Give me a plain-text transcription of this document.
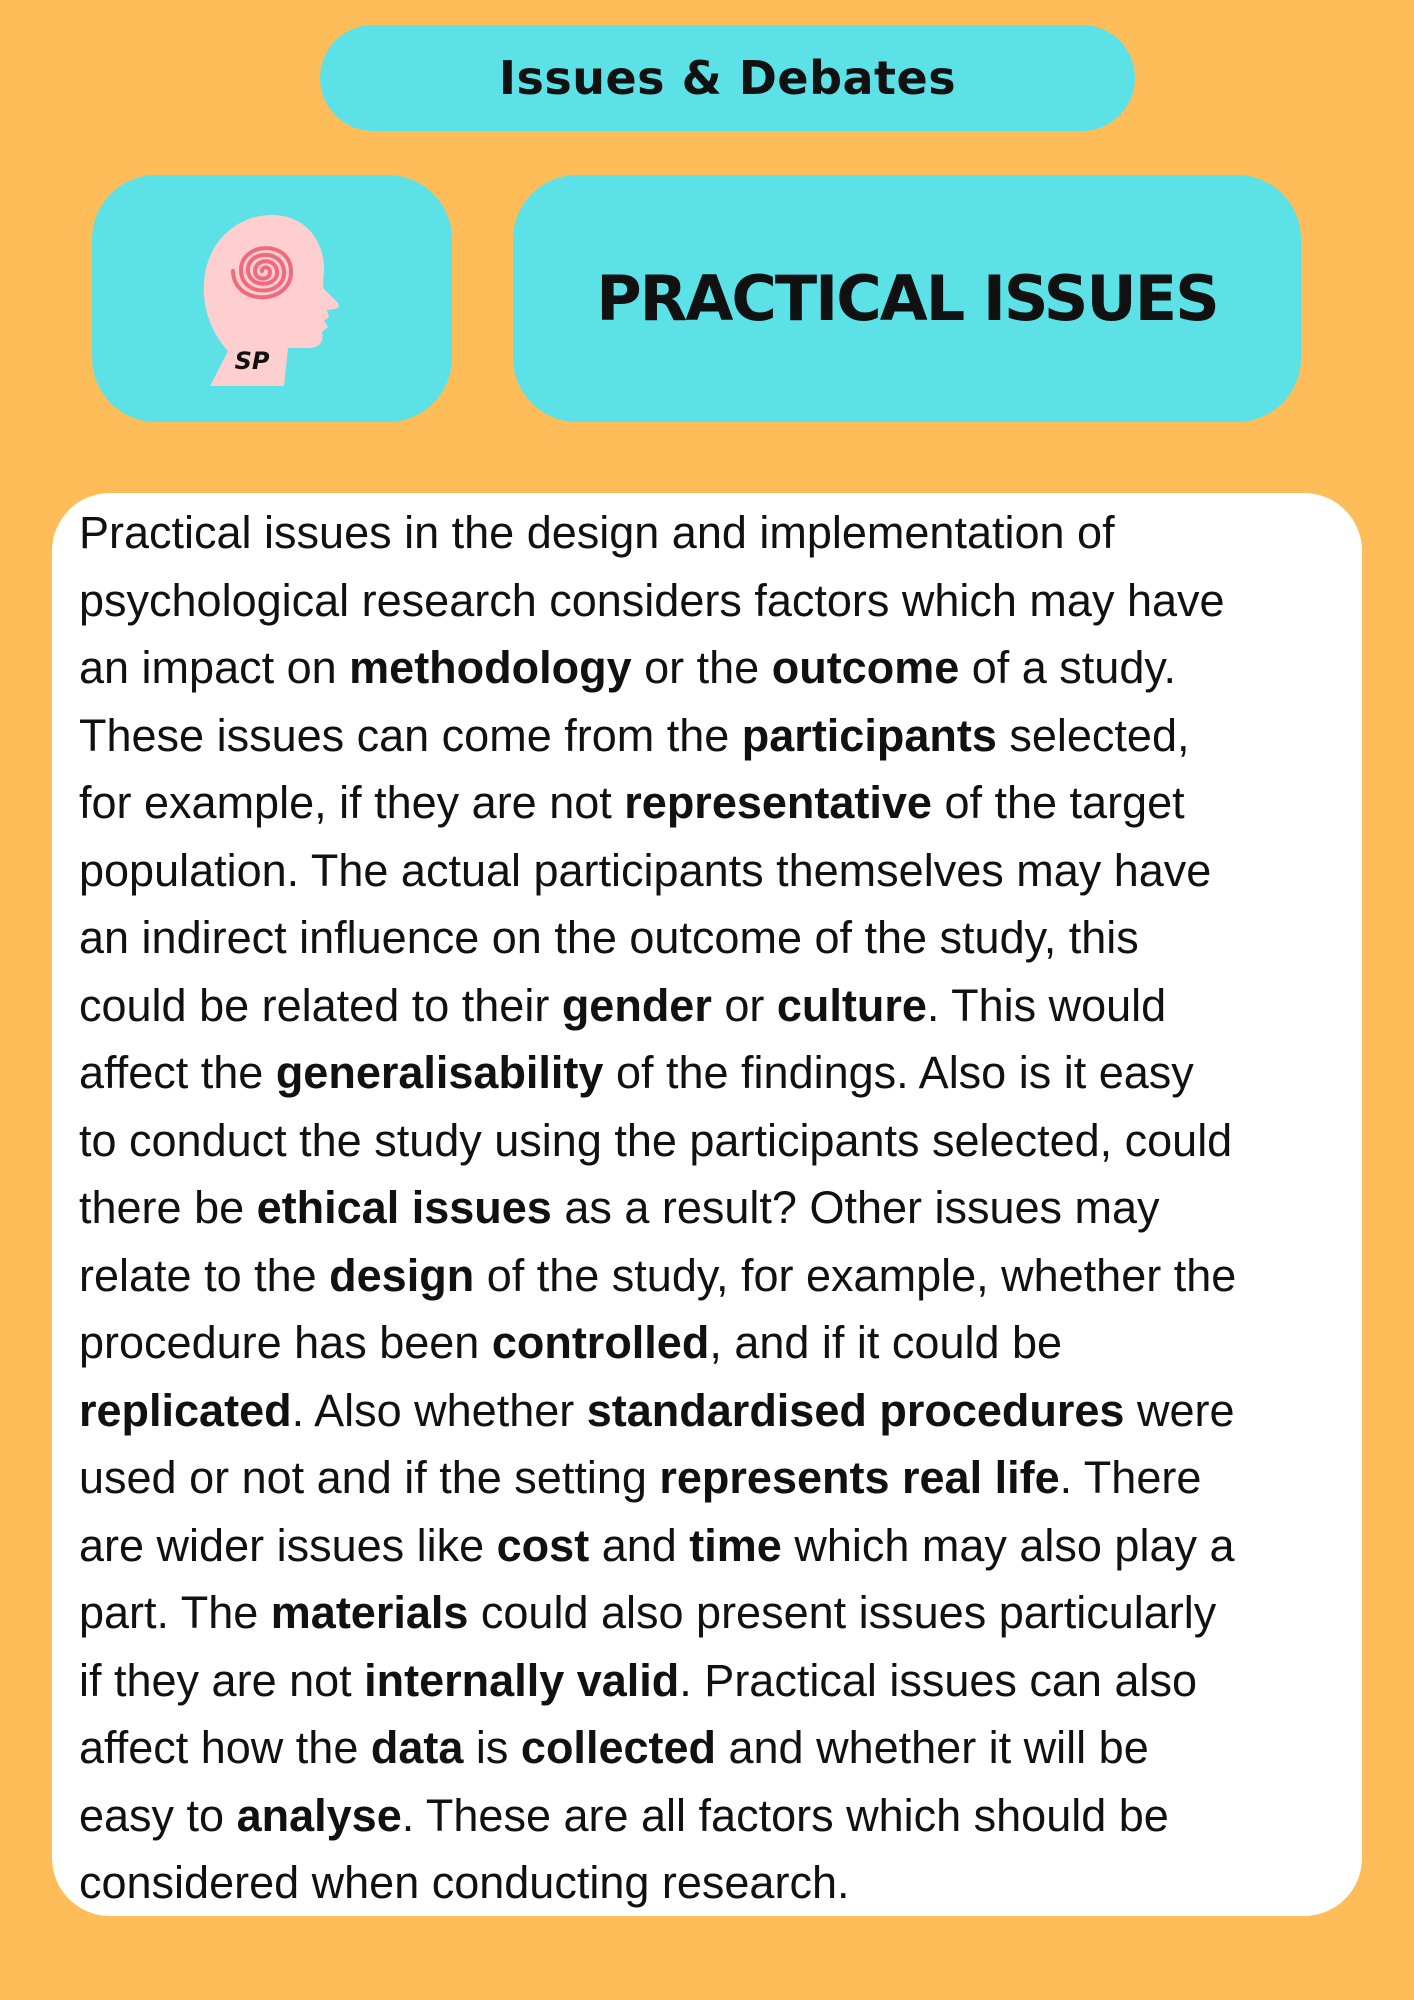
Issues & Debates
SP
PRACTICAL ISSUES

Practical issues in the design and implementation of
psychological research considers factors which may have
an impact on methodology or the outcome of a study.
These issues can come from the participants selected,
for example, if they are not representative of the target
population. The actual participants themselves may have
an indirect influence on the outcome of the study, this
could be related to their gender or culture. This would
affect the generalisability of the findings. Also is it easy
to conduct the study using the participants selected, could
there be ethical issues as a result? Other issues may
relate to the design of the study, for example, whether the
procedure has been controlled, and if it could be
replicated. Also whether standardised procedures were
used or not and if the setting represents real life. There
are wider issues like cost and time which may also play a
part. The materials could also present issues particularly
if they are not internally valid. Practical issues can also
affect how the data is collected and whether it will be
easy to analyse. These are all factors which should be
considered when conducting research.
